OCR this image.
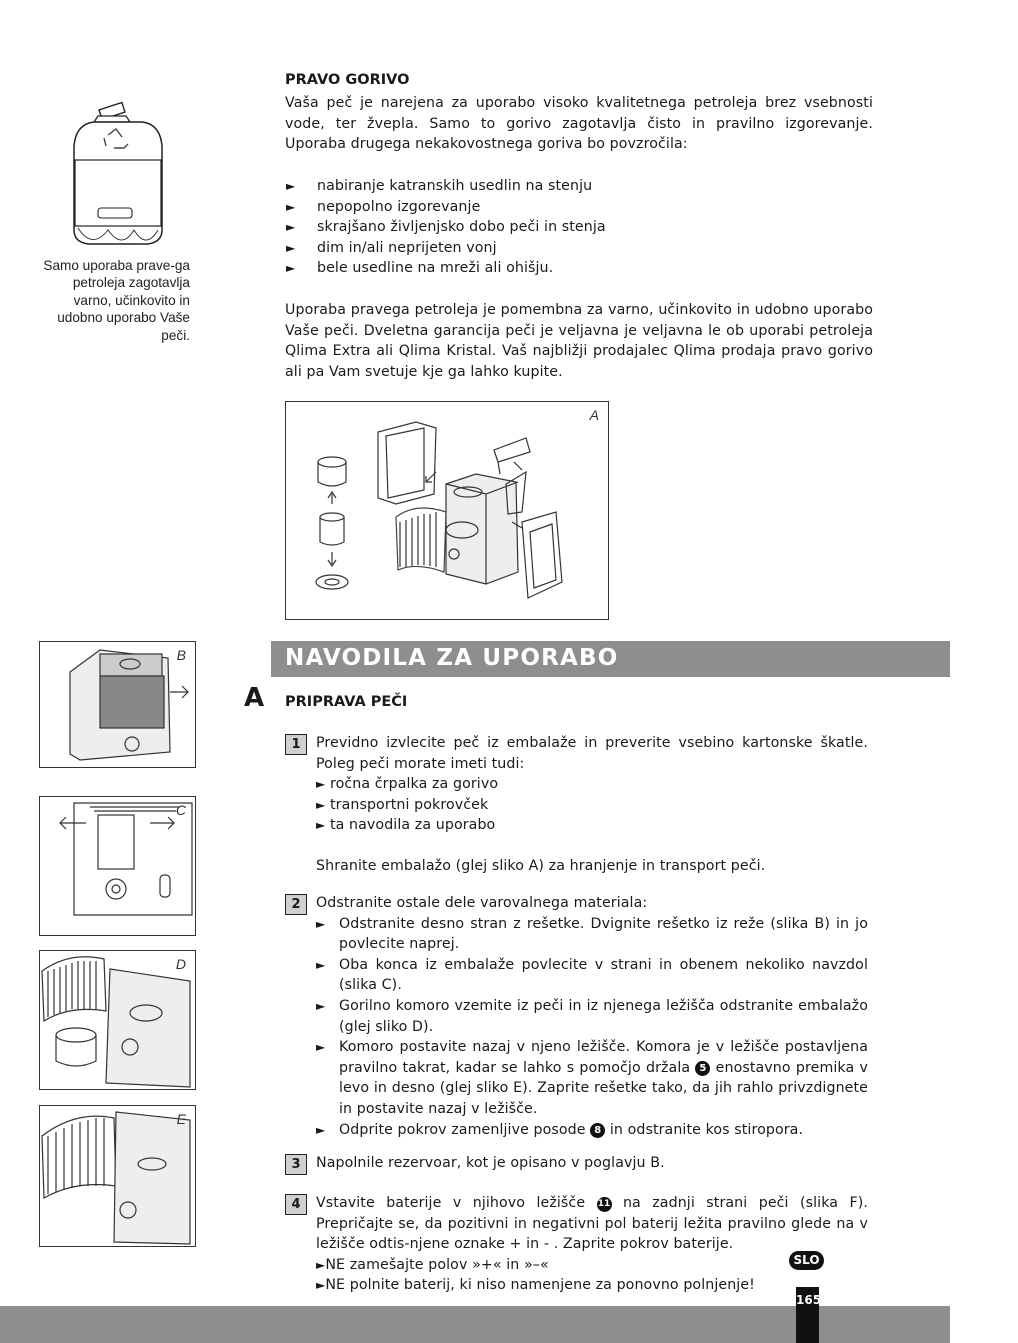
Samo uporaba prave-ga petroleja zagotavlja varno, učinkovito in udobno uporabo Vaše peči.
PRAVO GORIVO
Vaša peč je narejena za uporabo visoko kvalitetnega petroleja brez vsebnosti vode, ter žvepla. Samo to gorivo zagotavlja čisto in pravilno izgorevanje. Uporaba drugega nekakovostnega goriva bo povzročila:
► nabiranje katranskih usedlin na stenju
► nepopolno izgorevanje
► skrajšano življenjsko dobo peči in stenja
► dim in/ali neprijeten vonj
► bele usedline na mreži ali ohišju.
Uporaba pravega petroleja je pomembna za varno, učinkovito in udobno uporabo Vaše peči. Dveletna garancija peči je veljavna je veljavna le ob uporabi petroleja Qlima Extra ali Qlima Kristal. Vaš najbližji prodajalec Qlima prodaja pravo gorivo ali pa Vam svetuje kje ga lahko kupite.
A
B
C
D
E
NAVODILA ZA UPORABO	►►►►►►
A PRIPRAVA PEČI
1	Previdno izvlecite peč iz embalaže in preverite vsebino kartonske škatle. Poleg peči morate imeti tudi:
► ročna črpalka za gorivo
► transportni pokrovček
► ta navodila za uporabo
Shranite embalažo (glej sliko A) za hranjenje in transport peči.
2	Odstranite ostale dele varovalnega materiala:
► Odstranite desno stran z rešetke. Dvignite rešetko iz reže (slika B) in jo povlecite naprej.
► Oba konca iz embalaže povlecite v strani in obenem nekoliko navzdol (slika C).
► Gorilno komoro vzemite iz peči in iz njenega ležišča odstranite embalažo (glej sliko D).
► Komoro postavite nazaj v njeno ležišče. Komora je v ležišče postavljena pravilno takrat, kadar se lahko s pomočjo držala 5 enostavno premika v levo in desno (glej sliko E). Zaprite rešetke tako, da jih rahlo privzdignete in postavite nazaj v ležišče.
► Odprite pokrov zamenljive posode 8 in odstranite kos stiropora.
3	Napolnile rezervoar, kot je opisano v poglavju B.
4	Vstavite baterije v njihovo ležišče 11 na zadnji strani peči (slika F). Prepričajte se, da pozitivni in negativni pol baterij ležita pravilno glede na v ležišče odtis-njene oznake + in - . Zaprite pokrov baterije.
►NE zamešajte polov »+« in »–«
►NE polnite baterij, ki niso namenjene za ponovno polnjenje!
SLO
165
